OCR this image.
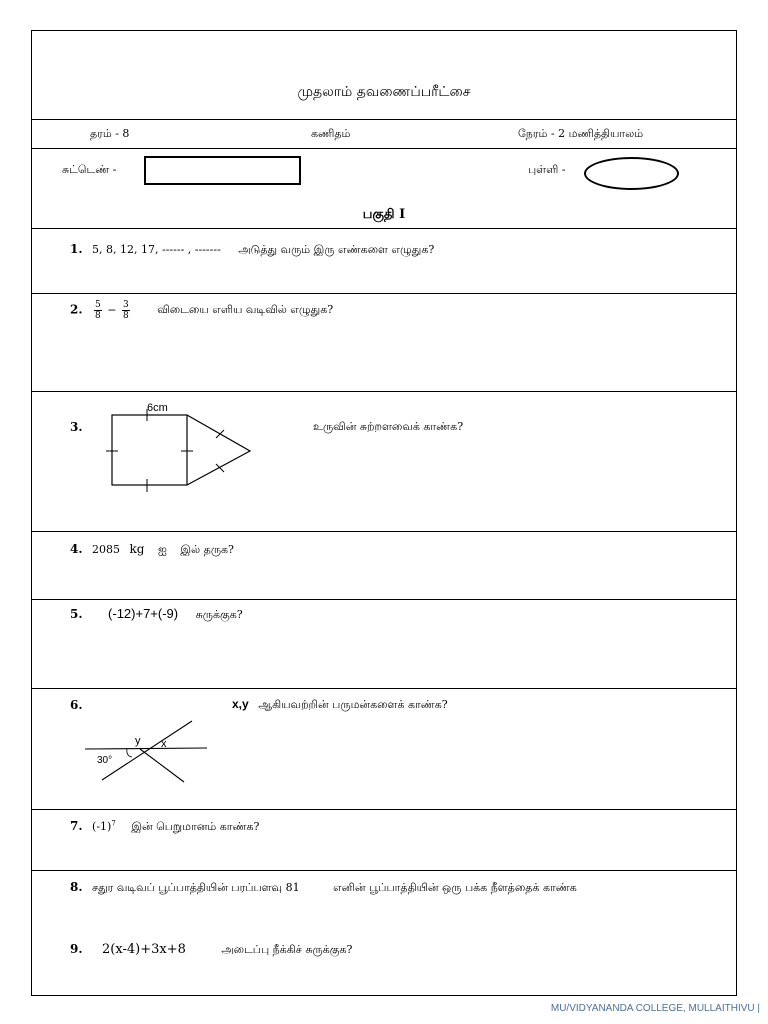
முதலாம் தவணைப்பரீட்சை
தரம் - 8	கணிதம்	நேரம் - 2 மணித்தியாலம்
சுட்டெண் -	புள்ளி -
பகுதி I
1. 5, 8, 12, 17, ------ , ------- அடுத்து வரும் இரு எண்களை எழுதுக?
2. $\frac{5}{8} - \frac{3}{8}$	விடையை எளிய வடிவில் எழுதுக?
3.
6cm
உருவின் சுற்றளவைக் காண்க?
4. 2085 kg ஐ இல் தருக?
5. (-12)+7+(-9) சுருக்குக?
6.	x,y ஆகியவற்றின் பருமன்களைக் காண்க?
y x
30°
7. $(-1)^7$ இன் பெறுமானம் காண்க?
8. சதுர வடிவப் பூப்பாத்தியின் பரப்பளவு 81	எனின் பூப்பாத்தியின் ஒரு பக்க நீளத்தைக் காண்க
9. 2(x-4)+3x+8	அடைப்பு நீக்கிச் சுருக்குக?
MU/VIDYANANDA COLLEGE, MULLAITHIVU |
